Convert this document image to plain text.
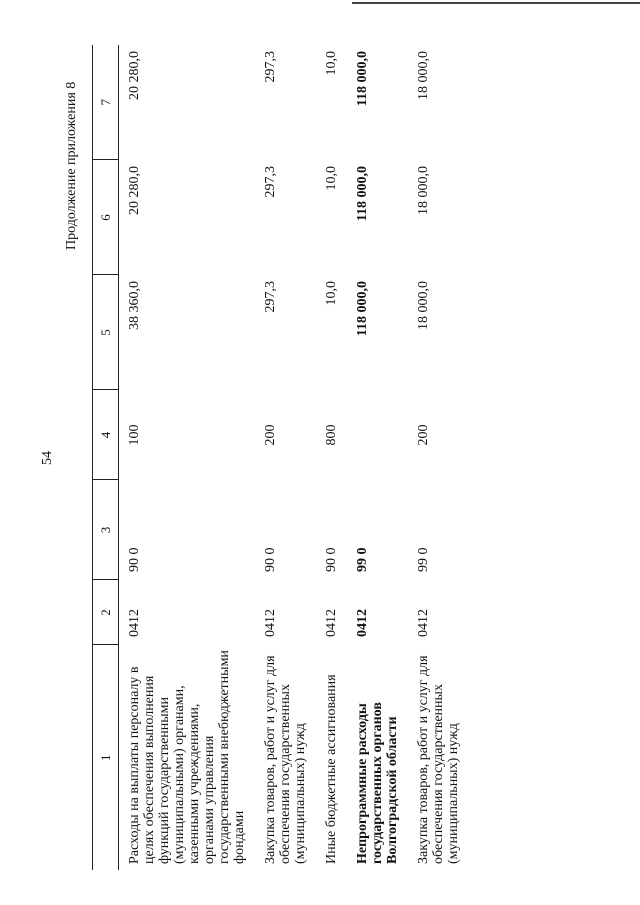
54
Продолжение приложения 8
1	2	3	4	5	6	7
Расходы на выплаты персоналу в целях обеспечения выполнения функций государственными (муниципальными) органами, казенными учреждениями, органами управления государственными внебюджетными фондами	0412	90 0	100	38 360,0	20 280,0	20 280,0
Закупка товаров, работ и услуг для обеспечения государственных (муниципальных) нужд	0412	90 0	200	297,3	297,3	297,3
Иные бюджетные ассигнования	0412	90 0	800	10,0	10,0	10,0
Непрограммные расходы государственных органов Волгоградской области	0412	99 0		118 000,0	118 000,0	118 000,0
Закупка товаров, работ и услуг для обеспечения государственных (муниципальных) нужд	0412	99 0	200	18 000,0	18 000,0	18 000,0
